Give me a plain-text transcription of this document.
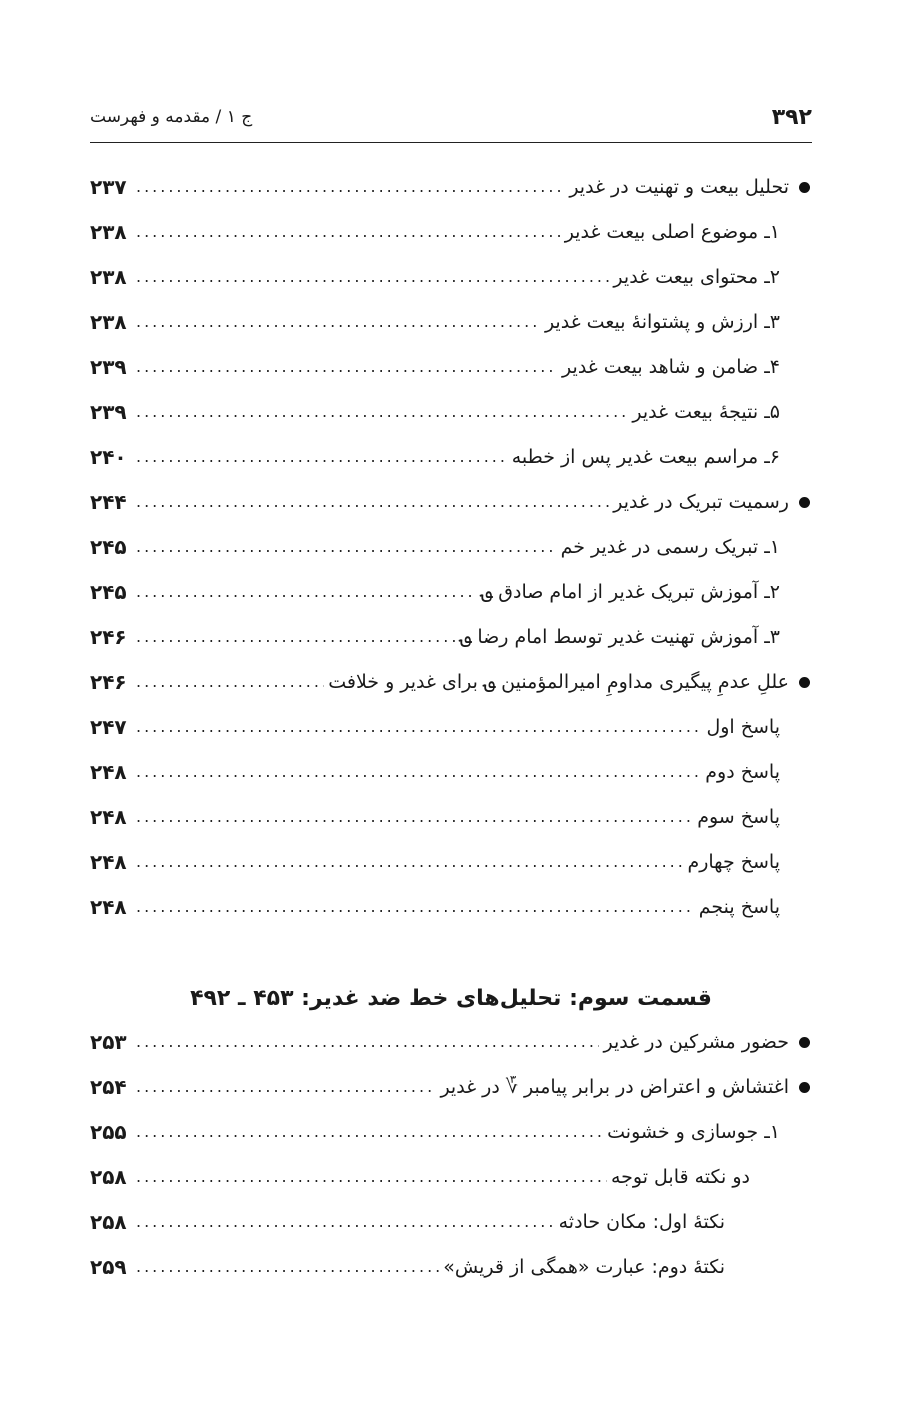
۳۹۲
ج ۱ / مقدمه و فهرست
تحلیل بیعت و تهنیت در غدیر
.....
۲۳۷
۱ـ موضوع اصلی بیعت غدیر
.....
۲۳۸
۲ـ محتوای بیعت غدیر
.....
۲۳۸
۳ـ ارزش و پشتوانهٔ بیعت غدیر
.....
۲۳۸
۴ـ ضامن و شاهد بیعت غدیر
.....
۲۳۹
۵ـ نتیجهٔ بیعت غدیر
.....
۲۳۹
۶ـ مراسم بیعت غدیر پس از خطبه
.....
۲۴۰
رسمیت تبریک در غدیر
.....
۲۴۴
۱ـ تبریک رسمی در غدیر خم
.....
۲۴۵
۲ـ آموزش تبریک غدیر از امام صادق ؈
.....
۲۴۵
۳ـ آموزش تهنیت غدیر توسط امام رضا ؈
.....
۲۴۶
عللِ عدمِ پیگیری مداومِ امیرالمؤمنین ؈ برای غدیر و خلافت
.....
۲۴۶
پاسخ اول
.....
۲۴۷
پاسخ دوم
.....
۲۴۸
پاسخ سوم
.....
۲۴۸
پاسخ چهارم
.....
۲۴۸
پاسخ پنجم
.....
۲۴۸
حضور مشرکین در غدیر
.....
۲۵۳
اغتشاش و اعتراض در برابر پیامبر ؆ در غدیر
.....
۲۵۴
۱ـ جوسازی و خشونت
.....
۲۵۵
دو نکته قابل توجه
.....
۲۵۸
نکتهٔ اول: مکان حادثه
.....
۲۵۸
نکتهٔ دوم: عبارت «همگی از قریش»
.....
۲۵۹
قسمت سوم: تحلیل‌های خط ضد غدیر: ۴۵۳ ـ ۴۹۲
